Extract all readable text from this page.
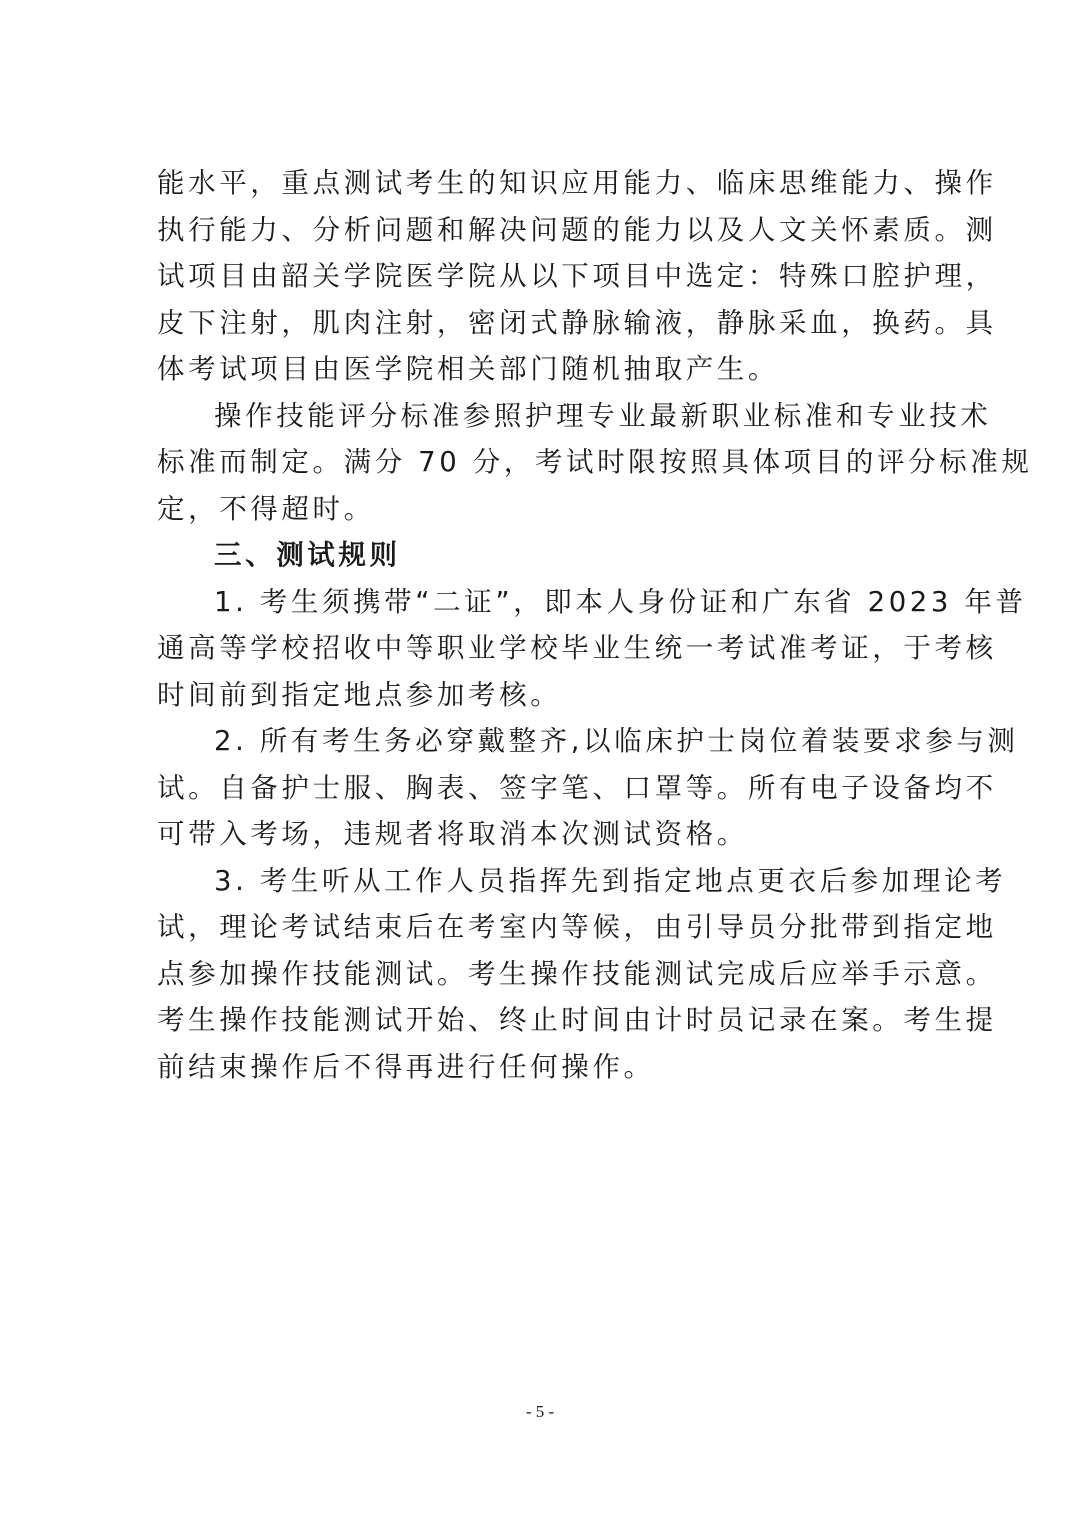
能水平，重点测试考生的知识应用能力、临床思维能力、操作
执行能力、分析问题和解决问题的能力以及人文关怀素质。测
试项目由韶关学院医学院从以下项目中选定：特殊口腔护理，
皮下注射，肌肉注射，密闭式静脉输液，静脉采血，换药。具
体考试项目由医学院相关部门随机抽取产生。
操作技能评分标准参照护理专业最新职业标准和专业技术
标准而制定。满分 70 分，考试时限按照具体项目的评分标准规
定，不得超时。
三、测试规则
1. 考生须携带“二证”，即本人身份证和广东省 2023 年普
通高等学校招收中等职业学校毕业生统一考试准考证，于考核
时间前到指定地点参加考核。
2. 所有考生务必穿戴整齐,以临床护士岗位着装要求参与测
试。自备护士服、胸表、签字笔、口罩等。所有电子设备均不
可带入考场，违规者将取消本次测试资格。
3. 考生听从工作人员指挥先到指定地点更衣后参加理论考
试，理论考试结束后在考室内等候，由引导员分批带到指定地
点参加操作技能测试。考生操作技能测试完成后应举手示意。
考生操作技能测试开始、终止时间由计时员记录在案。考生提
前结束操作后不得再进行任何操作。
- 5 -
